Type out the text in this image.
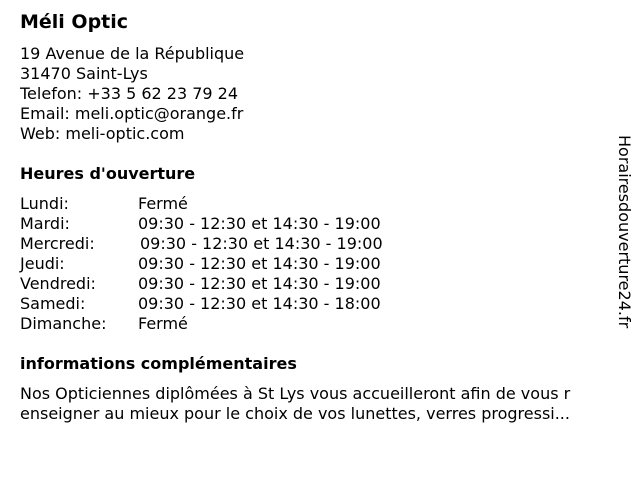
Méli Optic
19 Avenue de la République
31470 Saint-Lys
Telefon: +33 5 62 23 79 24
Email: meli.optic@orange.fr
Web: meli-optic.com
Heures d'ouverture
Lundi:	Fermé
Mardi:	09:30 - 12:30 et 14:30 - 19:00
Mercredi:	09:30 - 12:30 et 14:30 - 19:00
Jeudi:	09:30 - 12:30 et 14:30 - 19:00
Vendredi:	09:30 - 12:30 et 14:30 - 19:00
Samedi:	09:30 - 12:30 et 14:30 - 18:00
Dimanche: Fermé
informations complémentaires
Nos Opticiennes diplômées à St Lys vous accueilleront afin de vous r
enseigner au mieux pour le choix de vos lunettes, verres progressi...
Horairesdouverture24.fr
